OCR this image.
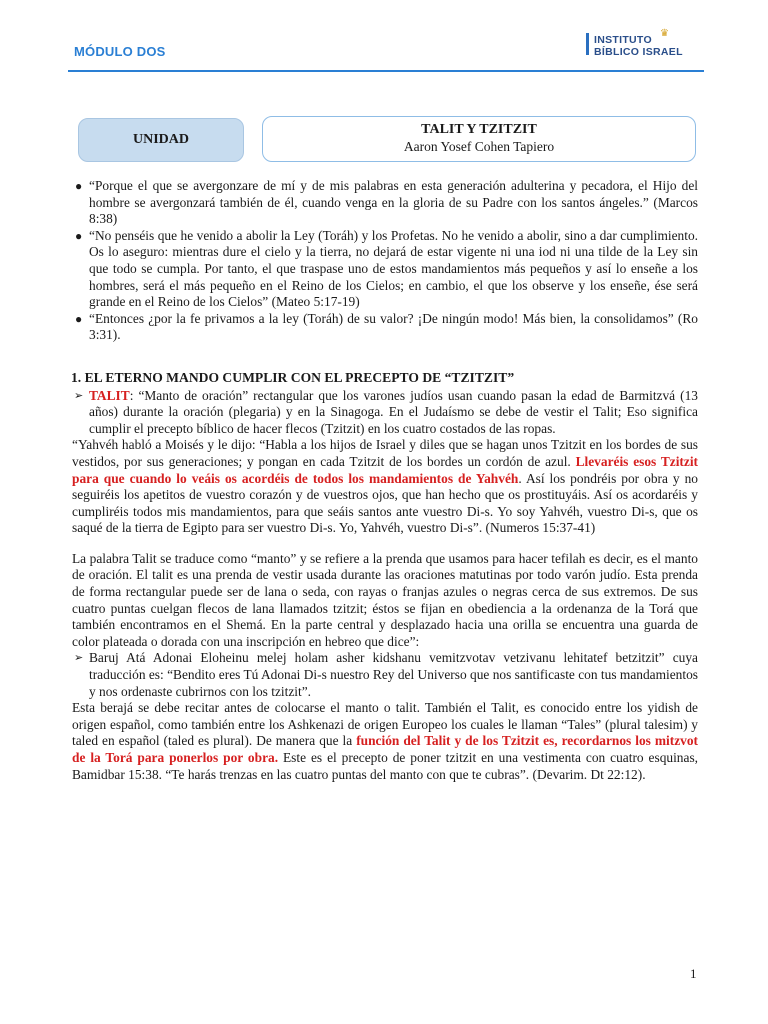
MÓDULO DOS
♛
INSTITUTO
BÍBLICO ISRAEL
UNIDAD
TALIT Y TZITZIT
Aaron Yosef Cohen Tapiero
● “Porque el que se avergonzare de mí y de mis palabras en esta generación adulterina y pecadora, el Hijo del hombre se avergonzará también de él, cuando venga en la gloria de su Padre con los santos ángeles.” (Marcos 8:38)
● “No penséis que he venido a abolir la Ley (Toráh) y los Profetas. No he venido a abolir, sino a dar cumplimiento. Os lo aseguro: mientras dure el cielo y la tierra, no dejará de estar vigente ni una iod ni una tilde de la Ley sin que todo se cumpla. Por tanto, el que traspase uno de estos mandamientos más pequeños y así lo enseñe a los hombres, será el más pequeño en el Reino de los Cielos; en cambio, el que los observe y los enseñe, ése será grande en el Reino de los Cielos” (Mateo 5:17-19)
● “Entonces ¿por la fe privamos a la ley (Toráh) de su valor? ¡De ningún modo! Más bien, la consolidamos” (Ro 3:31).
1. EL ETERNO MANDO CUMPLIR CON EL PRECEPTO DE “TZITZIT”
➢ TALIT: “Manto de oración” rectangular que los varones judíos usan cuando pasan la edad de Barmitzvá (13 años) durante la oración (plegaria) y en la Sinagoga. En el Judaísmo se debe de vestir el Talit; Eso significa cumplir el precepto bíblico de hacer flecos (Tzitzit) en los cuatro costados de las ropas.

“Yahvéh habló a Moisés y le dijo: “Habla a los hijos de Israel y diles que se hagan unos Tzitzit en los bordes de sus vestidos, por sus generaciones; y pongan en cada Tzitzit de los bordes un cordón de azul. Llevaréis esos Tzitzit para que cuando lo veáis os acordéis de todos los mandamientos de Yahvéh. Así los pondréis por obra y no seguiréis los apetitos de vuestro corazón y de vuestros ojos, que han hecho que os prostituyáis. Así os acordaréis y cumpliréis todos mis mandamientos, para que seáis santos ante vuestro Di-s. Yo soy Yahvéh, vuestro Di-s, que os saqué de la tierra de Egipto para ser vuestro Di-s. Yo, Yahvéh, vuestro Di-s”. (Numeros 15:37-41)

La palabra Talit se traduce como “manto” y se refiere a la prenda que usamos para hacer tefilah es decir, es el manto de oración. El talit es una prenda de vestir usada durante las oraciones matutinas por todo varón judío. Esta prenda de forma rectangular puede ser de lana o seda, con rayas o franjas azules o negras cerca de sus extremos. De sus cuatro puntas cuelgan flecos de lana llamados tzitzit; éstos se fijan en obediencia a la ordenanza de la Torá que también encontramos en el Shemá. En la parte central y desplazado hacia una orilla se encuentra una guarda de color plateada o dorada con una inscripción en hebreo que dice”:

➢ Baruj Atá Adonai Eloheinu melej holam asher kidshanu vemitzvotav vetzivanu lehitatef betzitzit” cuya traducción es: “Bendito eres Tú Adonai Di-s nuestro Rey del Universo que nos santificaste con tus mandamientos y nos ordenaste cubrirnos con los tzitzit”.

Esta berajá se debe recitar antes de colocarse el manto o talit. También el Talit, es conocido entre los yidish de origen español, como también entre los Ashkenazi de origen Europeo los cuales le llaman “Tales” (plural talesim) y taled en español (taled es plural). De manera que la función del Talit y de los Tzitzit es, recordarnos los mitzvot de la Torá para ponerlos por obra. Este es el precepto de poner tzitzit en una vestimenta con cuatro esquinas, Bamidbar 15:38. “Te harás trenzas en las cuatro puntas del manto con que te cubras”. (Devarim. Dt 22:12).

1
